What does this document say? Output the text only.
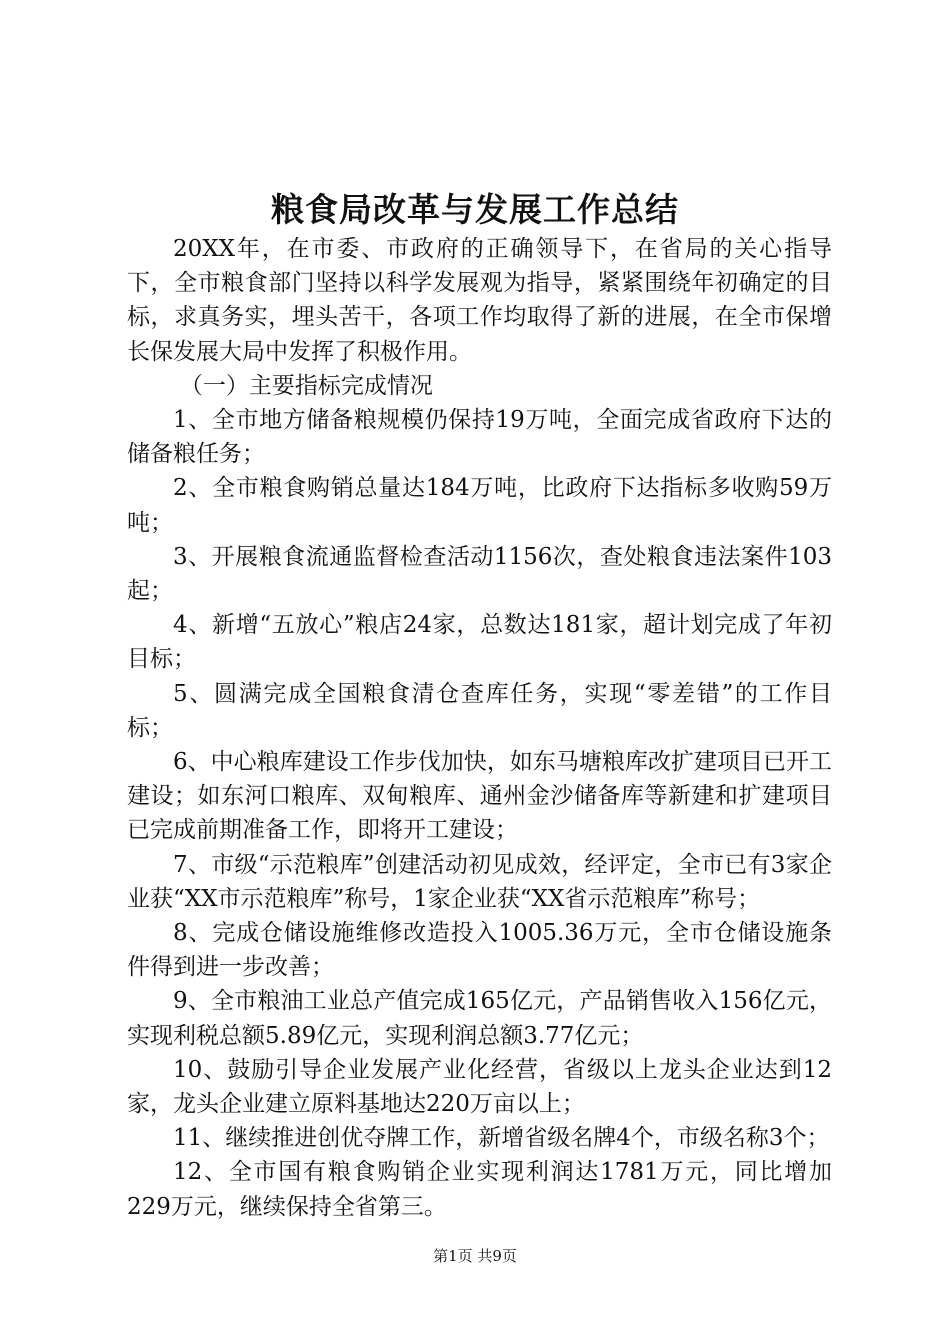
粮食局改革与发展工作总结

20XX年，在市委、市政府的正确领导下，在省局的关心指导下，全市粮食部门坚持以科学发展观为指导，紧紧围绕年初确定的目标，求真务实，埋头苦干，各项工作均取得了新的进展，在全市保增长保发展大局中发挥了积极作用。

（一）主要指标完成情况

1、全市地方储备粮规模仍保持19万吨，全面完成省政府下达的储备粮任务；

2、全市粮食购销总量达184万吨，比政府下达指标多收购59万吨；

3、开展粮食流通监督检查活动1156次，查处粮食违法案件103起；

4、新增“五放心”粮店24家，总数达181家，超计划完成了年初目标；

5、圆满完成全国粮食清仓查库任务，实现“零差错”的工作目标；

6、中心粮库建设工作步伐加快，如东马塘粮库改扩建项目已开工建设；如东河口粮库、双甸粮库、通州金沙储备库等新建和扩建项目已完成前期准备工作，即将开工建设；

7、市级“示范粮库”创建活动初见成效，经评定，全市已有3家企业获“XX市示范粮库”称号，1家企业获“XX省示范粮库”称号；

8、完成仓储设施维修改造投入1005.36万元，全市仓储设施条件得到进一步改善；

9、全市粮油工业总产值完成165亿元，产品销售收入156亿元，实现利税总额5.89亿元，实现利润总额3.77亿元；

10、鼓励引导企业发展产业化经营，省级以上龙头企业达到12家，龙头企业建立原料基地达220万亩以上；

11、继续推进创优夺牌工作，新增省级名牌4个，市级名称3个；

12、全市国有粮食购销企业实现利润达1781万元，同比增加229万元，继续保持全省第三。

第1页 共9页
